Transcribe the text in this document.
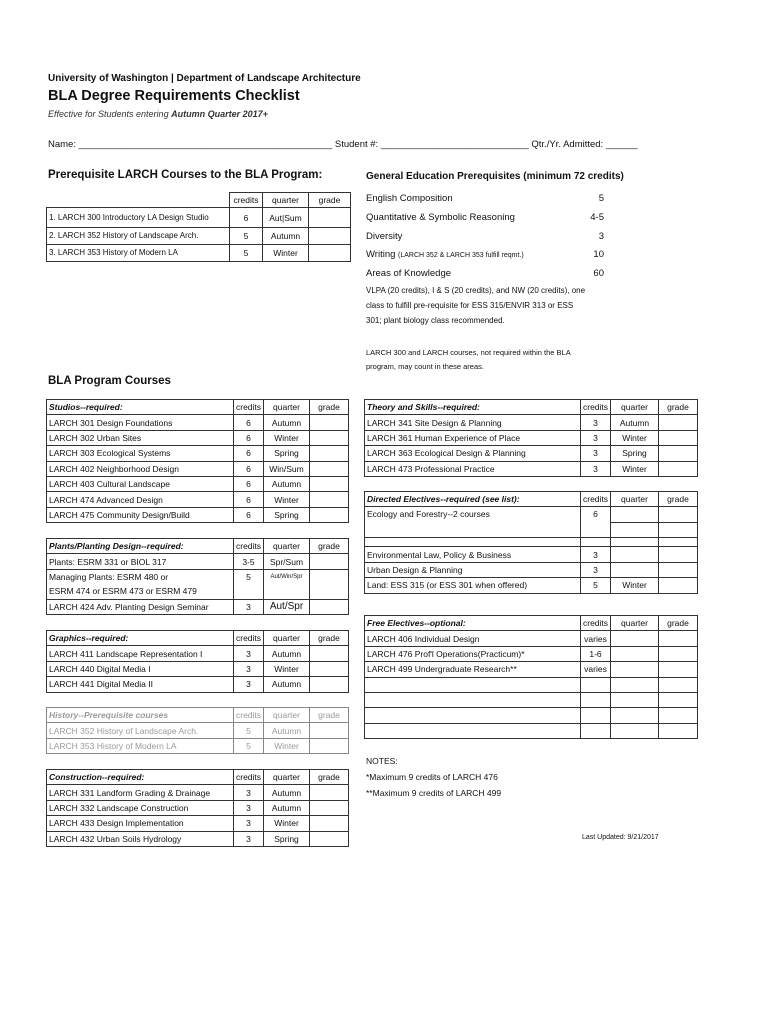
University of Washington | Department of Landscape Architecture
BLA Degree Requirements Checklist
Effective for Students entering Autumn Quarter 2017+
Name: ________________________________________________ Student #: ____________________________ Qtr./Yr. Admitted: ______
Prerequisite LARCH Courses to the BLA Program:
	credits	quarter	grade
1. LARCH 300 Introductory LA Design Studio	6	Aut|Sum	
2. LARCH 352 History of Landscape Arch.	5	Autumn	
3. LARCH 353 History of Modern LA	5	Winter	
General Education Prerequisites (minimum 72 credits)
English Composition	5
Quantitative & Symbolic Reasoning	4-5
Diversity	3
Writing (LARCH 352 & LARCH 353 fulfill reqmt.)	10
Areas of Knowledge	60
VLPA (20 credits), I & S (20 credits), and NW (20 credits), one class to fulfill pre-requisite for ESS 315/ENVIR 313 or ESS 301; plant biology class recommended.
LARCH 300 and LARCH courses, not required within the BLA program, may count in these areas.
BLA Program Courses
Studios--required:	credits	quarter	grade
LARCH 301 Design Foundations	6	Autumn	
LARCH 302 Urban Sites	6	Winter	
LARCH 303 Ecological Systems	6	Spring	
LARCH 402 Neighborhood Design	6	Win/Sum	
LARCH 403 Cultural Landscape	6	Autumn	
LARCH 474 Advanced Design	6	Winter	
LARCH 475 Community Design/Build	6	Spring	
Plants/Planting Design--required:	credits	quarter	grade
Plants: ESRM 331 or BIOL 317	3-5	Spr/Sum	
Managing Plants: ESRM 480 or	5	Aut/Win/Spr	
ESRM 474 or ESRM 473 or ESRM 479			
LARCH 424 Adv. Planting Design Seminar	3	Aut/Spr	
Graphics--required:	credits	quarter	grade
LARCH 411 Landscape Representation I	3	Autumn	
LARCH 440 Digital Media I	3	Winter	
LARCH 441 Digital Media II	3	Autumn	
History--Prerequisite courses	credits	quarter	grade
LARCH 352 History of Landscape Arch.	5	Autumn	
LARCH 353 History of Modern LA	5	Winter	
Construction--required:	credits	quarter	grade
LARCH 331 Landform Grading & Drainage	3	Autumn	
LARCH 332 Landscape Construction	3	Autumn	
LARCH 433 Design Implementation	3	Winter	
LARCH 432 Urban Soils Hydrology	3	Spring	
Theory and Skills--required:	credits	quarter	grade
LARCH 341 Site Design & Planning	3	Autumn	
LARCH 361 Human Experience of Place	3	Winter	
LARCH 363 Ecological Design & Planning	3	Spring	
LARCH 473 Professional Practice	3	Winter	
Directed Electives--required (see list):	credits	quarter	grade
Ecology and Forestry--2 courses	6		

Environmental Law, Policy & Business	3		
Urban Design & Planning	3		
Land: ESS 315 (or ESS 301 when offered)	5	Winter	
Free Electives--optional:	credits	quarter	grade
LARCH 406 Individual Design	varies		
LARCH 476 Prof'l Operations(Practicum)*	1-6		
LARCH 499 Undergraduate Research**	varies		

NOTES:
*Maximum 9 credits of LARCH 476
**Maximum 9 credits of LARCH 499
Last Updated: 9/21/2017
